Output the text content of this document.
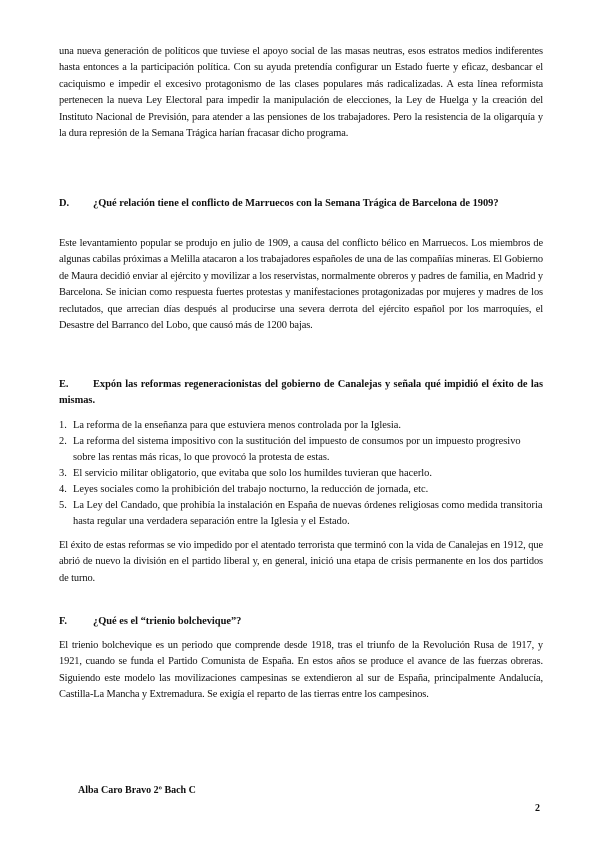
una nueva generación de políticos que tuviese el apoyo social de las masas neutras, esos estratos medios indiferentes hasta entonces a la participación política. Con su ayuda pretendía configurar un Estado fuerte y eficaz, desbancar el caciquismo e impedir el excesivo protagonismo de las clases populares más radicalizadas. A esta línea reformista pertenecen la nueva Ley Electoral para impedir la manipulación de elecciones, la Ley de Huelga y la creación del Instituto Nacional de Previsión, para atender a las pensiones de los trabajadores. Pero la resistencia de la oligarquía y la dura represión de la Semana Trágica harían fracasar dicho programa.

D. ¿Qué relación tiene el conflicto de Marruecos con la Semana Trágica de Barcelona de 1909?

Este levantamiento popular se produjo en julio de 1909, a causa del conflicto bélico en Marruecos. Los miembros de algunas cabilas próximas a Melilla atacaron a los trabajadores españoles de una de las compañías mineras. El Gobierno de Maura decidió enviar al ejército y movilizar a los reservistas, normalmente obreros y padres de familia, en Madrid y Barcelona. Se inician como respuesta fuertes protestas y manifestaciones protagonizadas por mujeres y madres de los reclutados, que arrecian días después al producirse una severa derrota del ejército español por los marroquíes, el Desastre del Barranco del Lobo, que causó más de 1200 bajas.

E. Expón las reformas regeneracionistas del gobierno de Canalejas y señala qué impidió el éxito de las mismas.
1. La reforma de la enseñanza para que estuviera menos controlada por la Iglesia.
2. La reforma del sistema impositivo con la sustitución del impuesto de consumos por un impuesto progresivo sobre las rentas más ricas, lo que provocó la protesta de estas.
3. El servicio militar obligatorio, que evitaba que solo los humildes tuvieran que hacerlo.
4. Leyes sociales como la prohibición del trabajo nocturno, la reducción de jornada, etc.
5. La Ley del Candado, que prohibía la instalación en España de nuevas órdenes religiosas como medida transitoria hasta regular una verdadera separación entre la Iglesia y el Estado.

El éxito de estas reformas se vio impedido por el atentado terrorista que terminó con la vida de Canalejas en 1912, que abrió de nuevo la división en el partido liberal y, en general, inició una etapa de crisis permanente en los dos partidos de turno.

F.	¿Qué es el “trienio bolchevique”?

El trienio bolchevique es un periodo que comprende desde 1918, tras el triunfo de la Revolución Rusa de 1917, y 1921, cuando se funda el Partido Comunista de España. En estos años se produce el avance de las fuerzas obreras. Siguiendo este modelo las movilizaciones campesinas se extendieron al sur de España, principalmente Andalucía, Castilla-La Mancha y Extremadura. Se exigía el reparto de las tierras entre los campesinos.

Alba Caro Bravo 2º Bach C
2
